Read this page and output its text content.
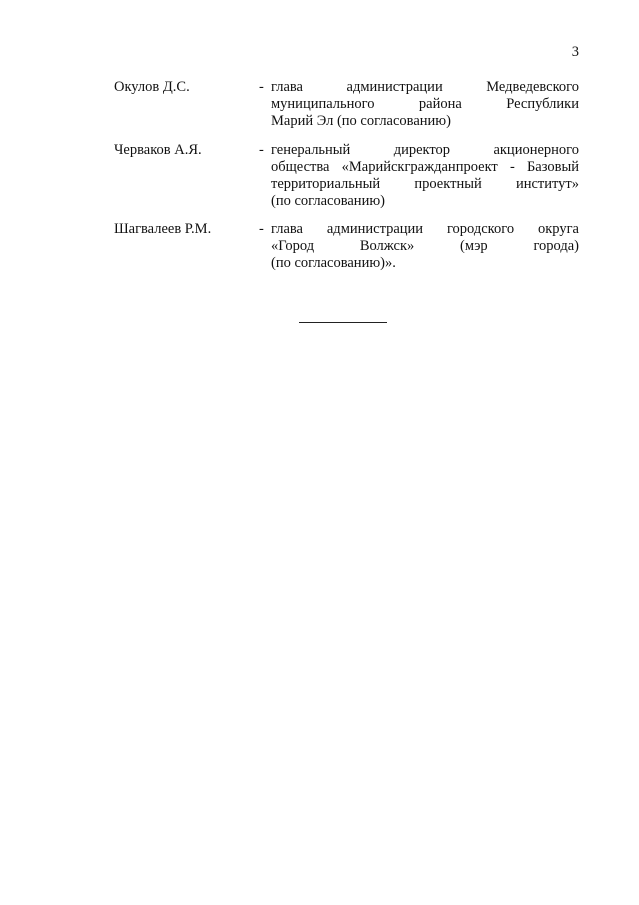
3
Окулов Д.С.	- глава	администрации	Медведевского
муниципального	района	Республики
Марий Эл (по согласованию)
Черваков А.Я.	- генеральный	директор	акционерного
общества «Марийскгражданпроект - Базовый
территориальный проектный институт»
(по согласованию)
Шагвалеев Р.М.	- глава администрации городского округа
«Город	Волжск»	(мэр	города)
(по согласованию)».
